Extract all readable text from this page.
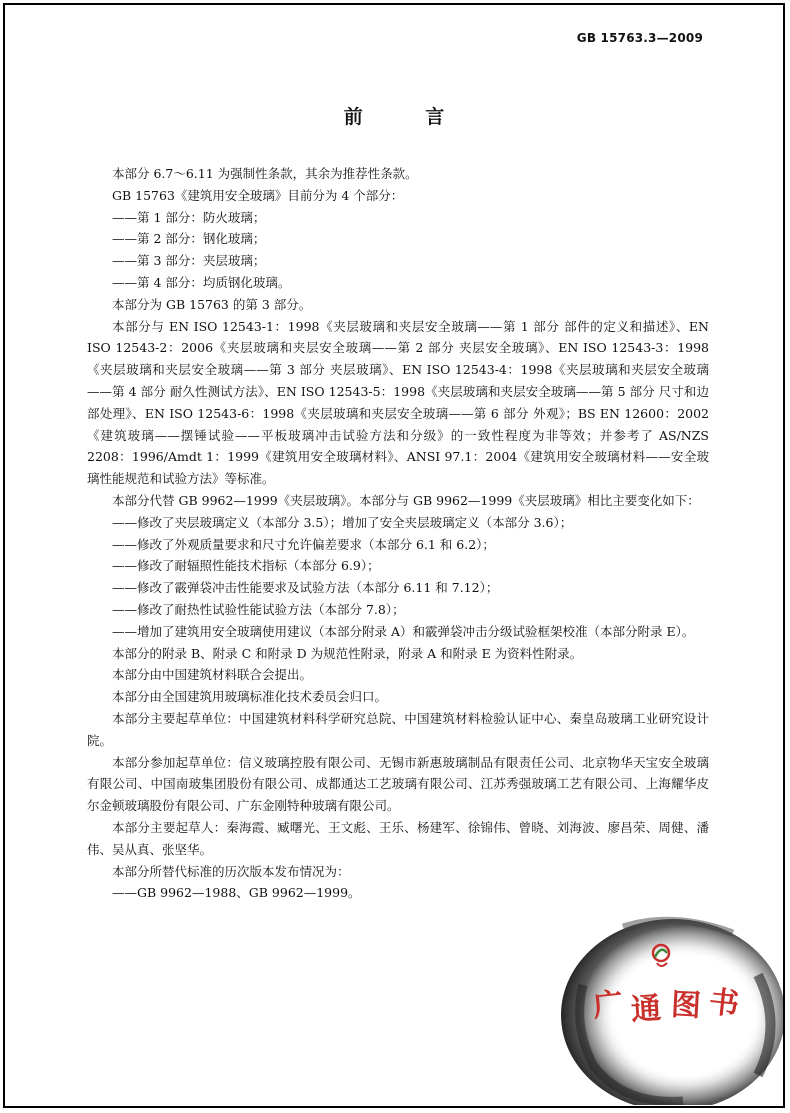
GB 15763.3—2009
前 言

本部分 6.7～6.11 为强制性条款，其余为推荐性条款。

GB 15763《建筑用安全玻璃》目前分为 4 个部分：

——第 1 部分：防火玻璃；

——第 2 部分：钢化玻璃；

——第 3 部分：夹层玻璃；

——第 4 部分：均质钢化玻璃。

本部分为 GB 15763 的第 3 部分。

本部分与 EN ISO 12543-1：1998《夹层玻璃和夹层安全玻璃——第 1 部分 部件的定义和描述》、EN ISO 12543-2：2006《夹层玻璃和夹层安全玻璃——第 2 部分 夹层安全玻璃》、EN ISO 12543-3：1998《夹层玻璃和夹层安全玻璃——第 3 部分 夹层玻璃》、EN ISO 12543-4：1998《夹层玻璃和夹层安全玻璃——第 4 部分 耐久性测试方法》、EN ISO 12543-5：1998《夹层玻璃和夹层安全玻璃——第 5 部分 尺寸和边部处理》、EN ISO 12543-6：1998《夹层玻璃和夹层安全玻璃——第 6 部分 外观》；BS EN 12600：2002《建筑玻璃——摆锤试验——平板玻璃冲击试验方法和分级》的一致性程度为非等效；并参考了 AS/NZS 2208：1996/Amdt 1：1999《建筑用安全玻璃材料》、ANSI 97.1：2004《建筑用安全玻璃材料——安全玻璃性能规范和试验方法》等标准。

本部分代替 GB 9962—1999《夹层玻璃》。本部分与 GB 9962—1999《夹层玻璃》相比主要变化如下：

——修改了夹层玻璃定义（本部分 3.5）；增加了安全夹层玻璃定义（本部分 3.6）；

——修改了外观质量要求和尺寸允许偏差要求（本部分 6.1 和 6.2）；

——修改了耐辐照性能技术指标（本部分 6.9）；

——修改了霰弹袋冲击性能要求及试验方法（本部分 6.11 和 7.12）；

——修改了耐热性试验性能试验方法（本部分 7.8）；

——增加了建筑用安全玻璃使用建议（本部分附录 A）和霰弹袋冲击分级试验框架校准（本部分附录 E）。

本部分的附录 B、附录 C 和附录 D 为规范性附录，附录 A 和附录 E 为资料性附录。

本部分由中国建筑材料联合会提出。

本部分由全国建筑用玻璃标准化技术委员会归口。

本部分主要起草单位：中国建筑材料科学研究总院、中国建筑材料检验认证中心、秦皇岛玻璃工业研究设计院。

本部分参加起草单位：信义玻璃控股有限公司、无锡市新惠玻璃制品有限责任公司、北京物华天宝安全玻璃有限公司、中国南玻集团股份有限公司、成都通达工艺玻璃有限公司、江苏秀强玻璃工艺有限公司、上海耀华皮尔金顿玻璃股份有限公司、广东金刚特种玻璃有限公司。

本部分主要起草人：秦海霞、臧曙光、王文彪、王乐、杨建军、徐锦伟、曾晓、刘海波、廖昌荣、周健、潘伟、吴从真、张坚华。

本部分所替代标准的历次版本发布情况为：

——GB 9962—1988、GB 9962—1999。

广 通 图 书
